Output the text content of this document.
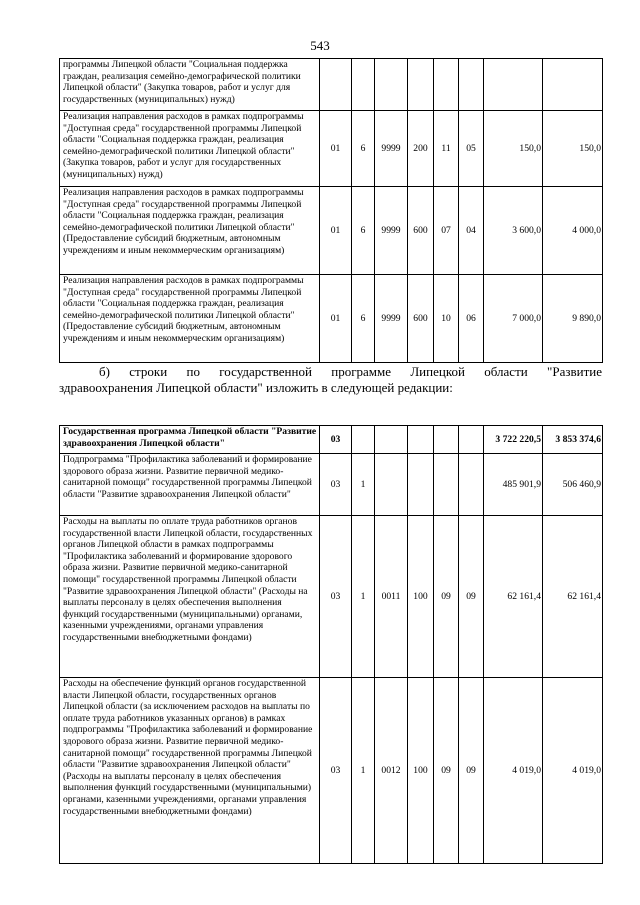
543
программы Липецкой области "Социальная поддержка граждан, реализация семейно-демографической политики Липецкой области" (Закупка товаров, работ и услуг для государственных (муниципальных) нужд)								
Реализация направления расходов в рамках подпрограммы "Доступная среда" государственной программы Липецкой области "Социальная поддержка граждан, реализация семейно-демографической политики Липецкой области" (Закупка товаров, работ и услуг для государственных (муниципальных) нужд)	01	6	9999	200	11	05	150,0	150,0
Реализация направления расходов в рамках подпрограммы "Доступная среда" государственной программы Липецкой области "Социальная поддержка граждан, реализация семейно-демографической политики Липецкой области" (Предоставление субсидий бюджетным, автономным учреждениям и иным некоммерческим организациям)	01	6	9999	600	07	04	3 600,0	4 000,0
Реализация направления расходов в рамках подпрограммы "Доступная среда" государственной программы Липецкой области "Социальная поддержка граждан, реализация семейно-демографической политики Липецкой области" (Предоставление субсидий бюджетным, автономным учреждениям и иным некоммерческим организациям)	01	6	9999	600	10	06	7 000,0	9 890,0
б) строки по государственной программе Липецкой области "Развитие
здравоохранения Липецкой области" изложить в следующей редакции:
Государственная программа Липецкой области "Развитие здравоохранения Липецкой области"	03						3 722 220,5	3 853 374,6
Подпрограмма "Профилактика заболеваний и формирование здорового образа жизни. Развитие первичной медико-санитарной помощи" государственной программы Липецкой области "Развитие здравоохранения Липецкой области"	03	1					485 901,9	506 460,9
Расходы на выплаты по оплате труда работников органов государственной власти Липецкой области, государственных органов Липецкой области в рамках подпрограммы "Профилактика заболеваний и формирование здорового образа жизни. Развитие первичной медико-санитарной помощи" государственной программы Липецкой области "Развитие здравоохранения Липецкой области" (Расходы на выплаты персоналу в целях обеспечения выполнения функций государственными (муниципальными) органами, казенными учреждениями, органами управления государственными внебюджетными фондами)	03	1	0011	100	09	09	62 161,4	62 161,4
Расходы на обеспечение функций органов государственной власти Липецкой области, государственных органов Липецкой области (за исключением расходов на выплаты по оплате труда работников указанных органов) в рамках подпрограммы "Профилактика заболеваний и формирование здорового образа жизни. Развитие первичной медико-санитарной помощи" государственной программы Липецкой области "Развитие здравоохранения Липецкой области" (Расходы на выплаты персоналу в целях обеспечения выполнения функций государственными (муниципальными) органами, казенными учреждениями, органами управления государственными внебюджетными фондами)	03	1	0012	100	09	09	4 019,0	4 019,0
